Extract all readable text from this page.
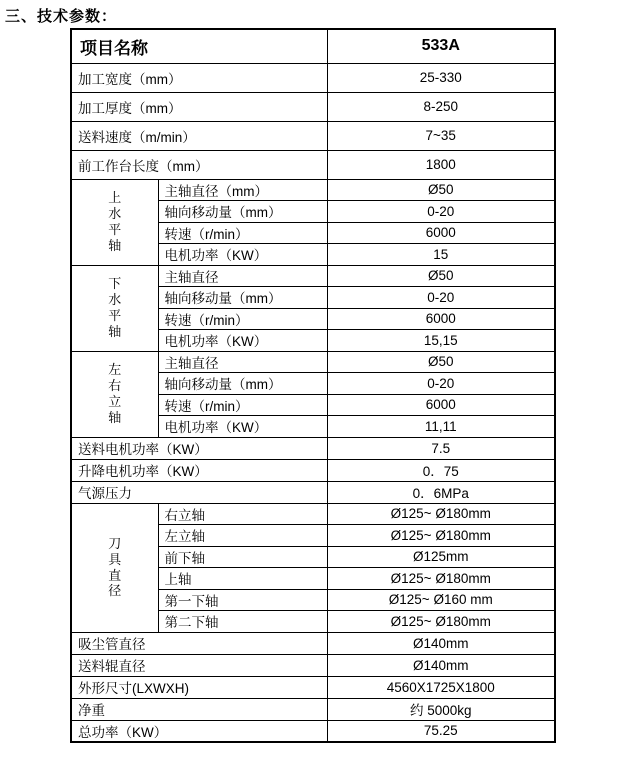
三、技术参数：
项目名称		533A
加工宽度（mm）		25-330
加工厚度（mm）		8-250
送料速度（m/min）		7~35
前工作台长度（mm）		1800

上
水
平
轴	主轴直径（mm）	Ø50
	轴向移动量（mm）	0-20
	转速（r/min）	6000
	电机功率（KW）	15

下
水
平
轴	主轴直径	Ø50
	轴向移动量（mm）	0-20
	转速（r/min）	6000
	电机功率（KW）	15,15

左
右
立
轴	主轴直径	Ø50
	轴向移动量（mm）	0-20
	转速（r/min）	6000
	电机功率（KW）	11,11
送料电机功率（KW）		7.5
升降电机功率（KW）		0．75
气源压力		0．6MPa

刀
具
直
径	右立轴	Ø125~ Ø180mm
	左立轴	Ø125~ Ø180mm
	前下轴	Ø125mm
	上轴	Ø125~ Ø180mm
	第一下轴	Ø125~ Ø160 mm
	第二下轴	Ø125~ Ø180mm
吸尘管直径		Ø140mm
送料辊直径		Ø140mm
外形尺寸(LXWXH)		4560X1725X1800
净重		约 5000kg
总功率（KW）		75.25
